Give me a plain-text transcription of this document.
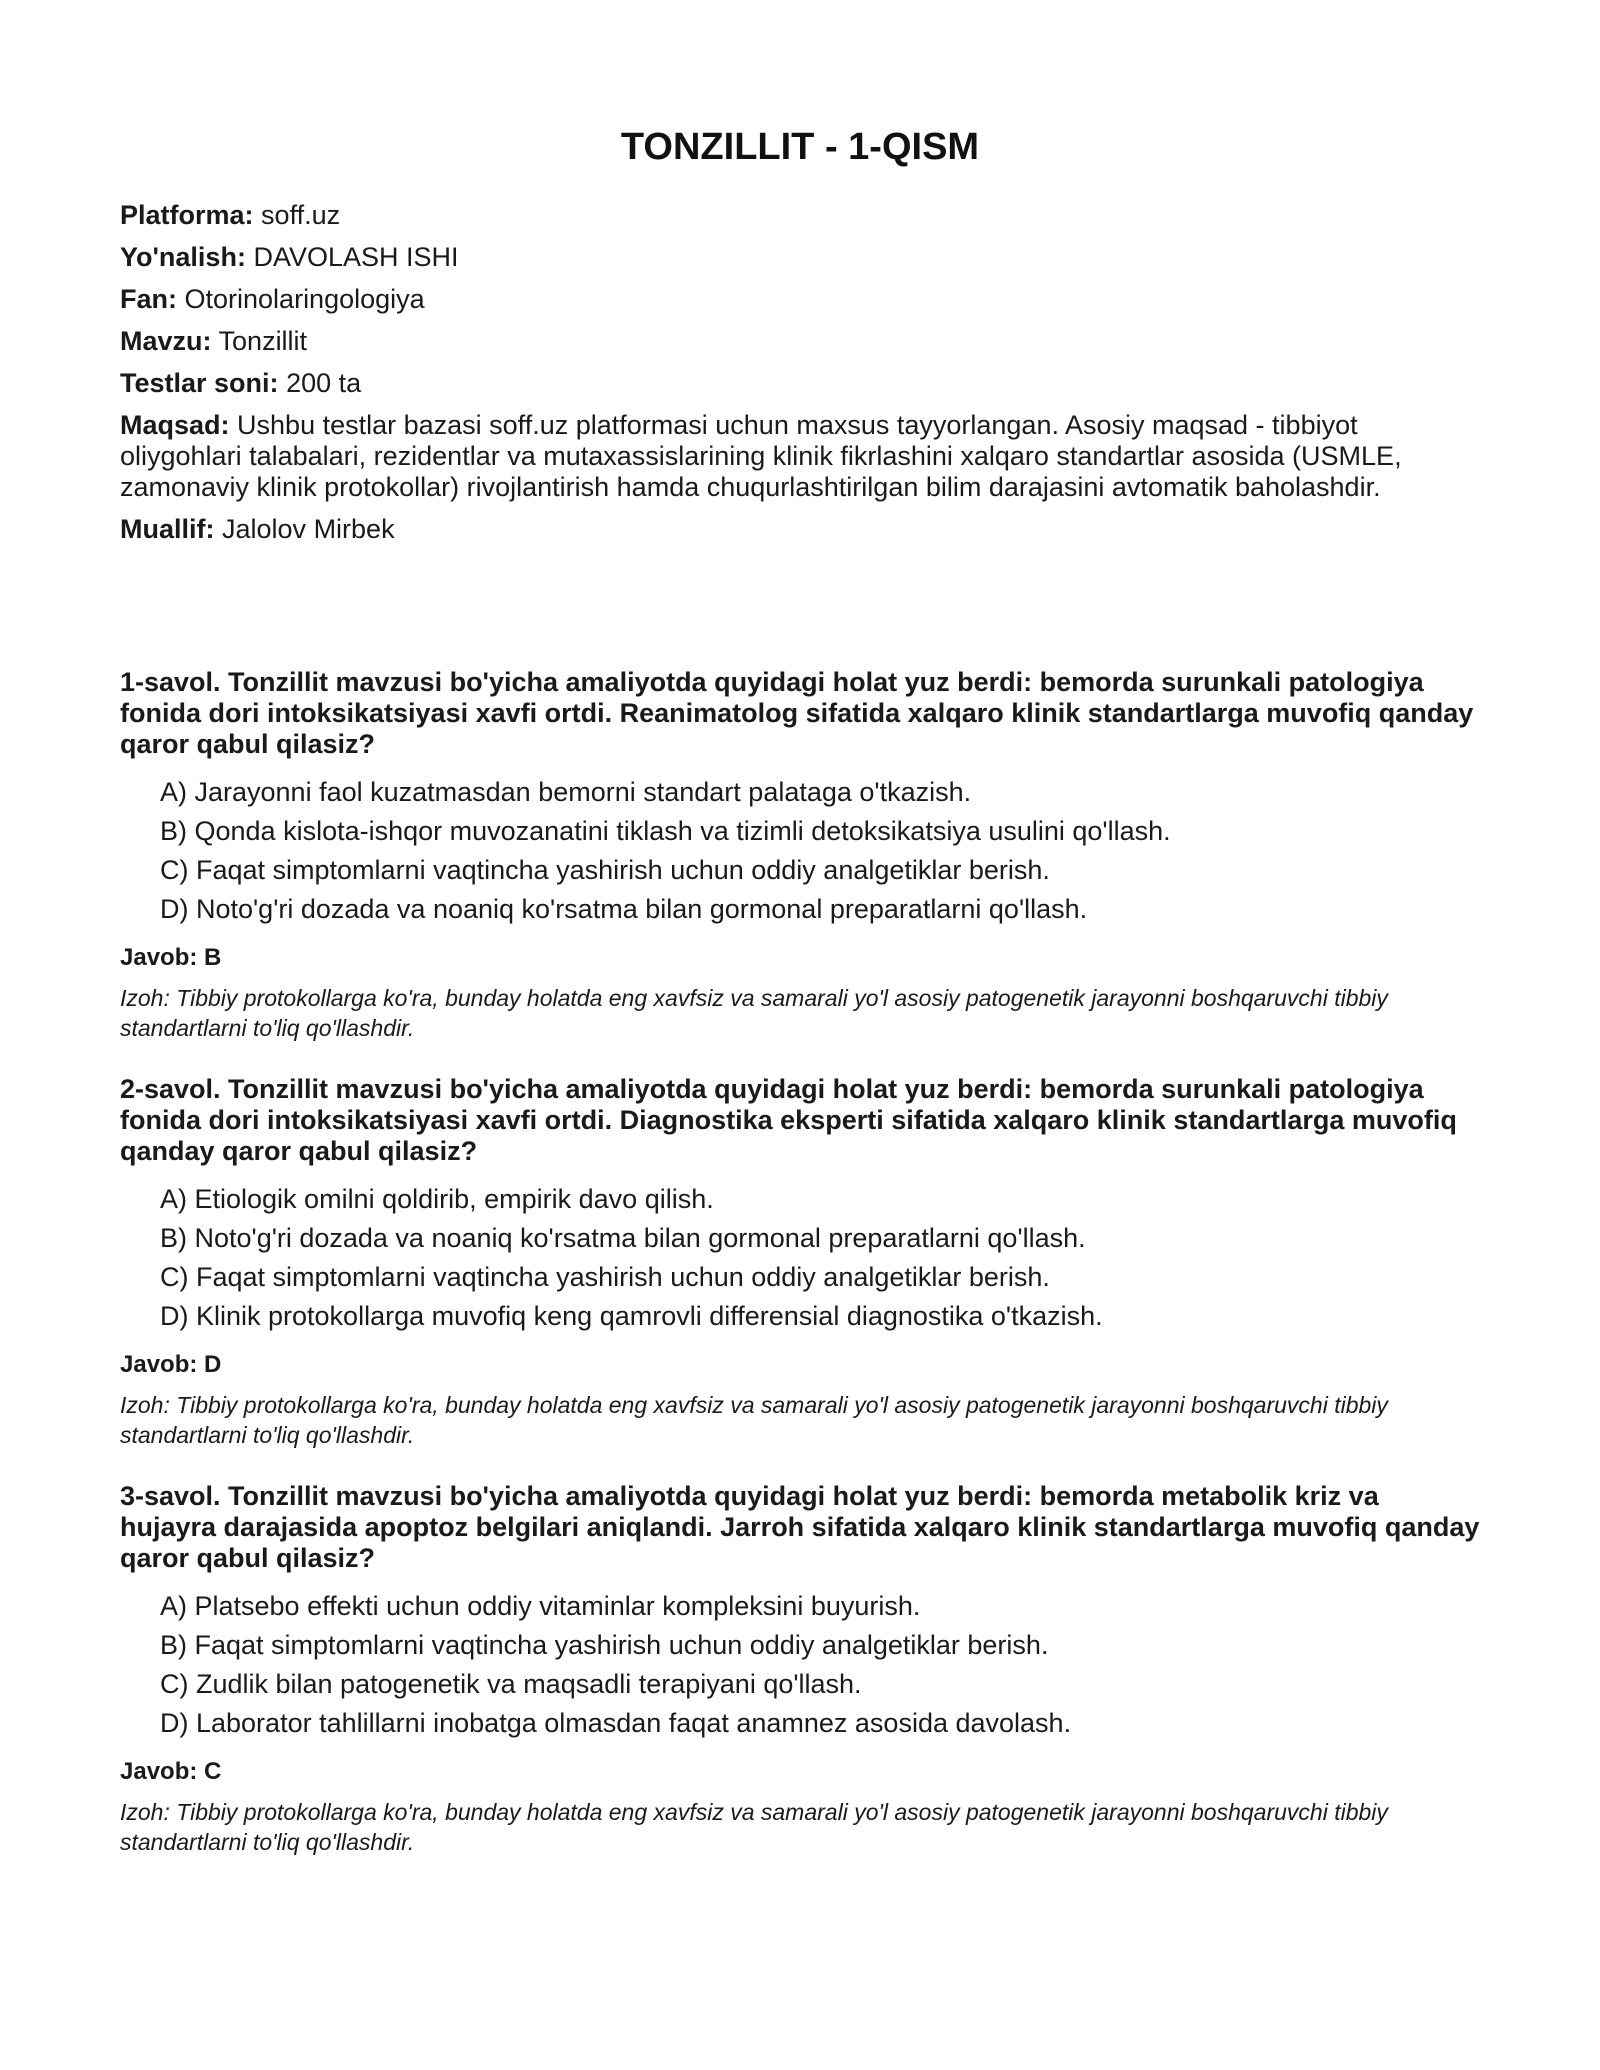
TONZILLIT - 1-QISM
Platforma: soff.uz
Yo'nalish: DAVOLASH ISHI
Fan: Otorinolaringologiya
Mavzu: Tonzillit
Testlar soni: 200 ta
Maqsad: Ushbu testlar bazasi soff.uz platformasi uchun maxsus tayyorlangan. Asosiy maqsad - tibbiyot oliygohlari talabalari, rezidentlar va mutaxassislarining klinik fikrlashini xalqaro standartlar asosida (USMLE, zamonaviy klinik protokollar) rivojlantirish hamda chuqurlashtirilgan bilim darajasini avtomatik baholashdir.
Muallif: Jalolov Mirbek
1-savol. Tonzillit mavzusi bo'yicha amaliyotda quyidagi holat yuz berdi: bemorda surunkali patologiya fonida dori intoksikatsiyasi xavfi ortdi. Reanimatolog sifatida xalqaro klinik standartlarga muvofiq qanday qaror qabul qilasiz?
A) Jarayonni faol kuzatmasdan bemorni standart palataga o'tkazish.
B) Qonda kislota-ishqor muvozanatini tiklash va tizimli detoksikatsiya usulini qo'llash.
C) Faqat simptomlarni vaqtincha yashirish uchun oddiy analgetiklar berish.
D) Noto'g'ri dozada va noaniq ko'rsatma bilan gormonal preparatlarni qo'llash.
Javob: B
Izoh: Tibbiy protokollarga ko'ra, bunday holatda eng xavfsiz va samarali yo'l asosiy patogenetik jarayonni boshqaruvchi tibbiy standartlarni to'liq qo'llashdir.
2-savol. Tonzillit mavzusi bo'yicha amaliyotda quyidagi holat yuz berdi: bemorda surunkali patologiya fonida dori intoksikatsiyasi xavfi ortdi. Diagnostika eksperti sifatida xalqaro klinik standartlarga muvofiq qanday qaror qabul qilasiz?
A) Etiologik omilni qoldirib, empirik davo qilish.
B) Noto'g'ri dozada va noaniq ko'rsatma bilan gormonal preparatlarni qo'llash.
C) Faqat simptomlarni vaqtincha yashirish uchun oddiy analgetiklar berish.
D) Klinik protokollarga muvofiq keng qamrovli differensial diagnostika o'tkazish.
Javob: D
Izoh: Tibbiy protokollarga ko'ra, bunday holatda eng xavfsiz va samarali yo'l asosiy patogenetik jarayonni boshqaruvchi tibbiy standartlarni to'liq qo'llashdir.
3-savol. Tonzillit mavzusi bo'yicha amaliyotda quyidagi holat yuz berdi: bemorda metabolik kriz va hujayra darajasida apoptoz belgilari aniqlandi. Jarroh sifatida xalqaro klinik standartlarga muvofiq qanday qaror qabul qilasiz?
A) Platsebo effekti uchun oddiy vitaminlar kompleksini buyurish.
B) Faqat simptomlarni vaqtincha yashirish uchun oddiy analgetiklar berish.
C) Zudlik bilan patogenetik va maqsadli terapiyani qo'llash.
D) Laborator tahlillarni inobatga olmasdan faqat anamnez asosida davolash.
Javob: C
Izoh: Tibbiy protokollarga ko'ra, bunday holatda eng xavfsiz va samarali yo'l asosiy patogenetik jarayonni boshqaruvchi tibbiy standartlarni to'liq qo'llashdir.
